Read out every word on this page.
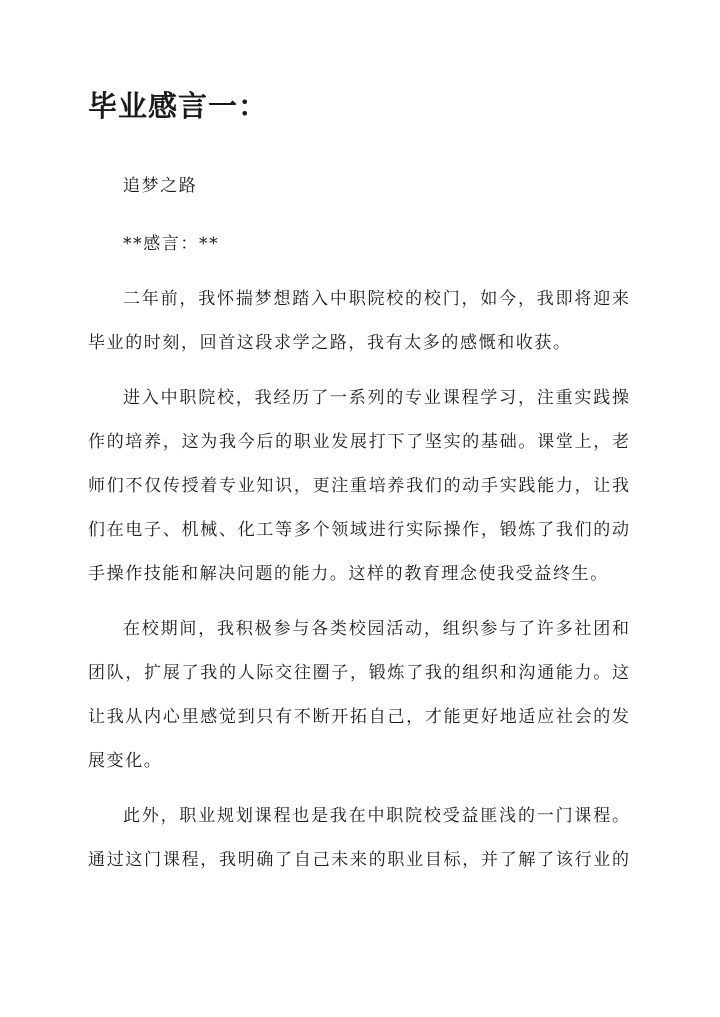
毕业感言一：

追梦之路

**感言：**

二年前，我怀揣梦想踏入中职院校的校门，如今，我即将迎来

毕业的时刻，回首这段求学之路，我有太多的感慨和收获。

进入中职院校，我经历了一系列的专业课程学习，注重实践操

作的培养，这为我今后的职业发展打下了坚实的基础。课堂上，老

师们不仅传授着专业知识，更注重培养我们的动手实践能力，让我

们在电子、机械、化工等多个领域进行实际操作，锻炼了我们的动

手操作技能和解决问题的能力。这样的教育理念使我受益终生。

在校期间，我积极参与各类校园活动，组织参与了许多社团和

团队，扩展了我的人际交往圈子，锻炼了我的组织和沟通能力。这

让我从内心里感觉到只有不断开拓自己，才能更好地适应社会的发

展变化。

此外，职业规划课程也是我在中职院校受益匪浅的一门课程。

通过这门课程，我明确了自己未来的职业目标，并了解了该行业的
